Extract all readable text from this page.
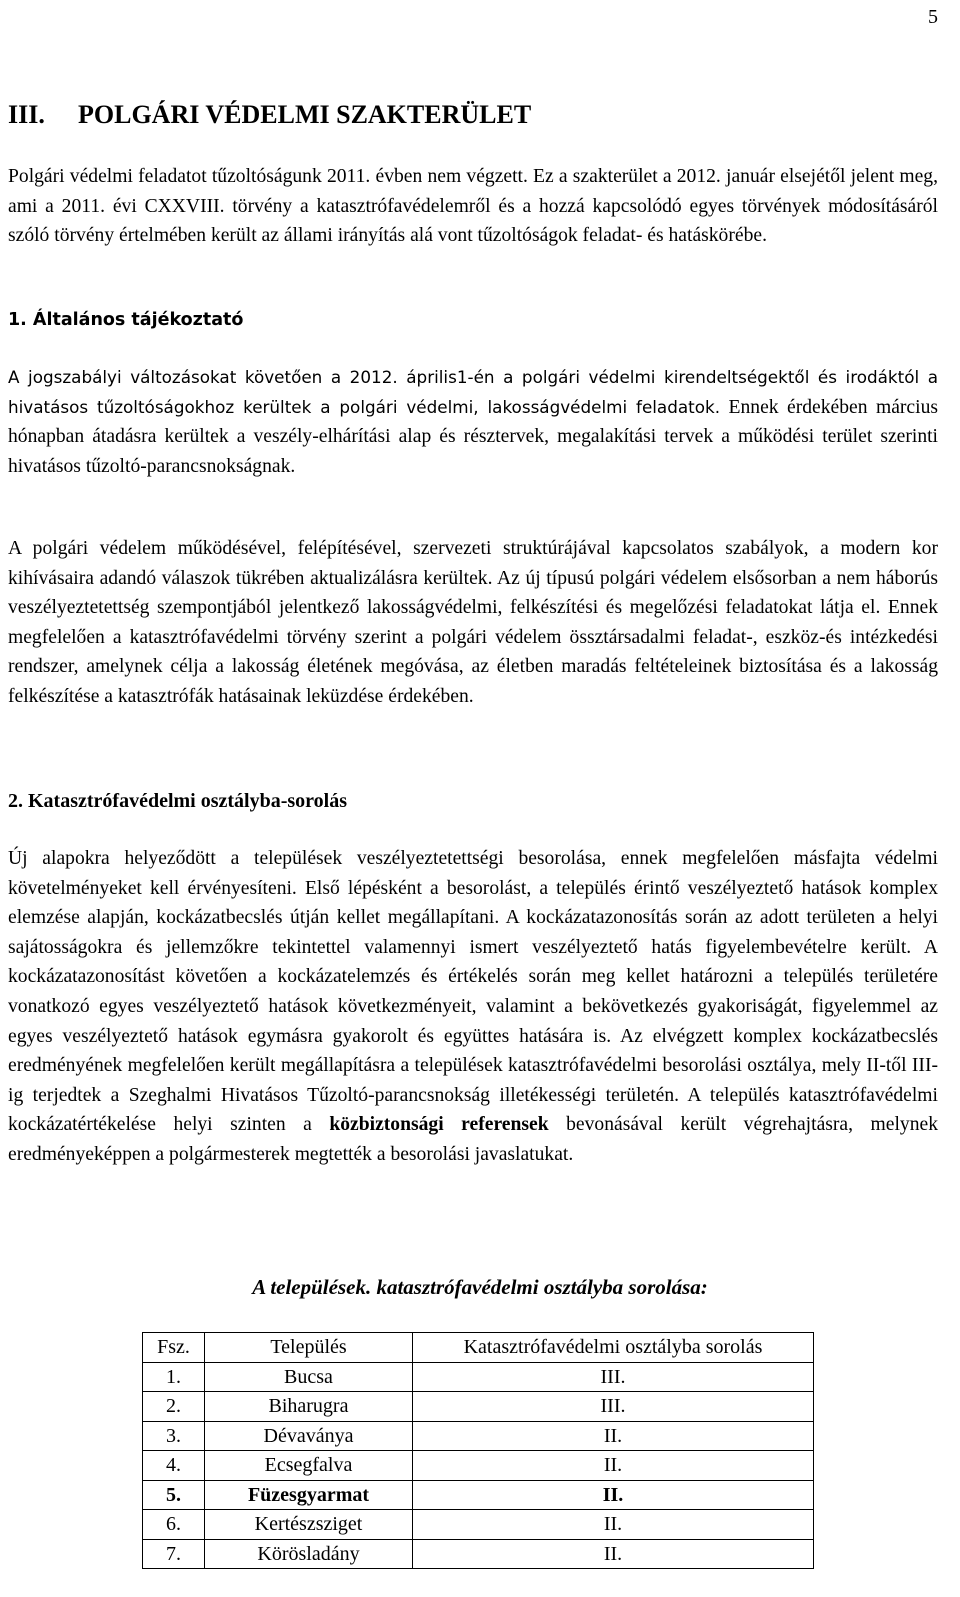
5
III. POLGÁRI VÉDELMI SZAKTERÜLET

Polgári védelmi feladatot tűzoltóságunk 2011. évben nem végzett. Ez a szakterület a 2012. január elsejétől jelent meg, ami a 2011. évi CXXVIII. törvény a katasztrófavédelemről és a hozzá kapcsolódó egyes törvények módosításáról szóló törvény értelmében került az állami irányítás alá vont tűzoltóságok feladat- és hatáskörébe.

1. Általános tájékoztató

A jogszabályi változásokat követően a 2012. április1-én a polgári védelmi kirendeltségektől és irodáktól a hivatásos tűzoltóságokhoz kerültek a polgári védelmi, lakosságvédelmi feladatok. Ennek érdekében március hónapban átadásra kerültek a veszély-elhárítási alap és résztervek, megalakítási tervek a működési terület szerinti hivatásos tűzoltó-parancsnokságnak.

A polgári védelem működésével, felépítésével, szervezeti struktúrájával kapcsolatos szabályok, a modern kor kihívásaira adandó válaszok tükrében aktualizálásra kerültek. Az új típusú polgári védelem elsősorban a nem háborús veszélyeztetettség szempontjából jelentkező lakosságvédelmi, felkészítési és megelőzési feladatokat látja el. Ennek megfelelően a katasztrófavédelmi törvény szerint a polgári védelem össztársadalmi feladat-, eszköz-és intézkedési rendszer, amelynek célja a lakosság életének megóvása, az életben maradás feltételeinek biztosítása és a lakosság felkészítése a katasztrófák hatásainak leküzdése érdekében.

2. Katasztrófavédelmi osztályba-sorolás

Új alapokra helyeződött a települések veszélyeztetettségi besorolása, ennek megfelelően másfajta védelmi követelményeket kell érvényesíteni. Első lépésként a besorolást, a település érintő veszélyeztető hatások komplex elemzése alapján, kockázatbecslés útján kellet megállapítani. A kockázatazonosítás során az adott területen a helyi sajátosságokra és jellemzőkre tekintettel valamennyi ismert veszélyeztető hatás figyelembevételre került. A kockázatazonosítást követően a kockázatelemzés és értékelés során meg kellet határozni a település területére vonatkozó egyes veszélyeztető hatások következményeit, valamint a bekövetkezés gyakoriságát, figyelemmel az egyes veszélyeztető hatások egymásra gyakorolt és együttes hatására is. Az elvégzett komplex kockázatbecslés eredményének megfelelően került megállapításra a települések katasztrófavédelmi besorolási osztálya, mely II-től III-ig terjedtek a Szeghalmi Hivatásos Tűzoltó-parancsnokság illetékességi területén. A település katasztrófavédelmi kockázatértékelése helyi szinten a közbiztonsági referensek bevonásával került végrehajtásra, melynek eredményeképpen a polgármesterek megtették a besorolási javaslatukat.

A települések. katasztrófavédelmi osztályba sorolása:

Fsz.	Település	Katasztrófavédelmi osztályba sorolás
1.	Bucsa	III.
2.	Biharugra	III.
3.	Dévaványa	II.
4.	Ecsegfalva	II.
5.	Füzesgyarmat	II.
6.	Kertészsziget	II.
7.	Körösladány	II.
